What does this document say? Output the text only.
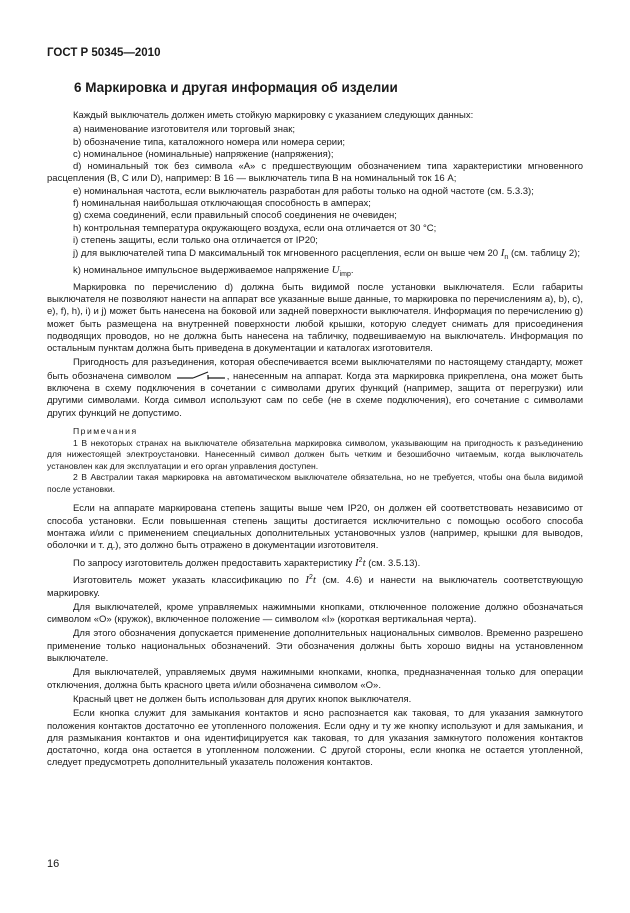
ГОСТ Р 50345—2010
6 Маркировка и другая информация об изделии

Каждый выключатель должен иметь стойкую маркировку с указанием следующих данных:

а) наименование изготовителя или торговый знак;

b) обозначение типа, каталожного номера или номера серии;

c) номинальное (номинальные) напряжение (напряжения);

d) номинальный ток без символа «А» с предшествующим обозначением типа характеристики мгновенного расцепления (В, С или D), например: В 16 — выключатель типа В на номинальный ток 16 А;

е) номинальная частота, если выключатель разработан для работы только на одной частоте (см. 5.3.3);

f) номинальная наибольшая отключающая способность в амперах;

g) схема соединений, если правильный способ соединения не очевиден;

h) контрольная температура окружающего воздуха, если она отличается от 30 °С;

i) степень защиты, если только она отличается от IP20;

j) для выключателей типа D максимальный ток мгновенного расцепления, если он выше чем 20 $I_n$ (см. таблицу 2);

k) номинальное импульсное выдерживаемое напряжение $U_{imp}$.

Маркировка по перечислению d) должна быть видимой после установки выключателя. Если габариты выключателя не позволяют нанести на аппарат все указанные выше данные, то маркировка по перечислениям а), b), с), е), f), h), i) и j) может быть нанесена на боковой или задней поверхности выключателя. Информация по перечислению g) может быть размещена на внутренней поверхности любой крышки, которую следует снимать для присоединения подводящих проводов, но не должна быть нанесена на табличку, подвешиваемую на выключатель. Информация по остальным пунктам должна быть приведена в документации и каталогах изготовителя.

Пригодность для разъединения, которая обеспечивается всеми выключателями по настоящему стандарту, может быть обозначена символом	, нанесенным на аппарат. Когда эта маркировка прикреплена, она может быть включена в схему подключения в сочетании с символами других функций (например, защита от перегрузки) или другими символами. Когда символ используют сам по себе (не в схеме подключения), его сочетание с символами других функций не допустимо.

Примечания

1 В некоторых странах на выключателе обязательна маркировка символом, указывающим на пригодность к разъединению для нижестоящей электроустановки. Нанесенный символ должен быть четким и безошибочно читаемым, когда выключатель установлен как для эксплуатации и его орган управления доступен.

2 В Австралии такая маркировка на автоматическом выключателе обязательна, но не требуется, чтобы она была видимой после установки.

Если на аппарате маркирована степень защиты выше чем IP20, он должен ей соответствовать независимо от способа установки. Если повышенная степень защиты достигается исключительно с помощью особого способа монтажа и/или с применением специальных дополнительных установочных узлов (например, крышки для выводов, оболочки и т. д.), это должно быть отражено в документации изготовителя.

По запросу изготовитель должен предоставить характеристику $I^2t$ (см. 3.5.13).

Изготовитель может указать классификацию по $I^2t$ (см. 4.6) и нанести на выключатель соответствующую маркировку.

Для выключателей, кроме управляемых нажимными кнопками, отключенное положение должно обозначаться символом «О» (кружок), включенное положение — символом «I» (короткая вертикальная черта).

Для этого обозначения допускается применение дополнительных национальных символов. Временно разрешено применение только национальных обозначений. Эти обозначения должны быть хорошо видны на установленном выключателе.

Для выключателей, управляемых двумя нажимными кнопками, кнопка, предназначенная только для операции отключения, должна быть красного цвета и/или обозначена символом «О».

Красный цвет не должен быть использован для других кнопок выключателя.

Если кнопка служит для замыкания контактов и ясно распознается как таковая, то для указания замкнутого положения контактов достаточно ее утопленного положения. Если одну и ту же кнопку используют и для замыкания, и для размыкания контактов и она идентифицируется как таковая, то для указания замкнутого положения контактов достаточно, когда она остается в утопленном положении. С другой стороны, если кнопка не остается утопленной, следует предусмотреть дополнительный указатель положения контактов.

16
